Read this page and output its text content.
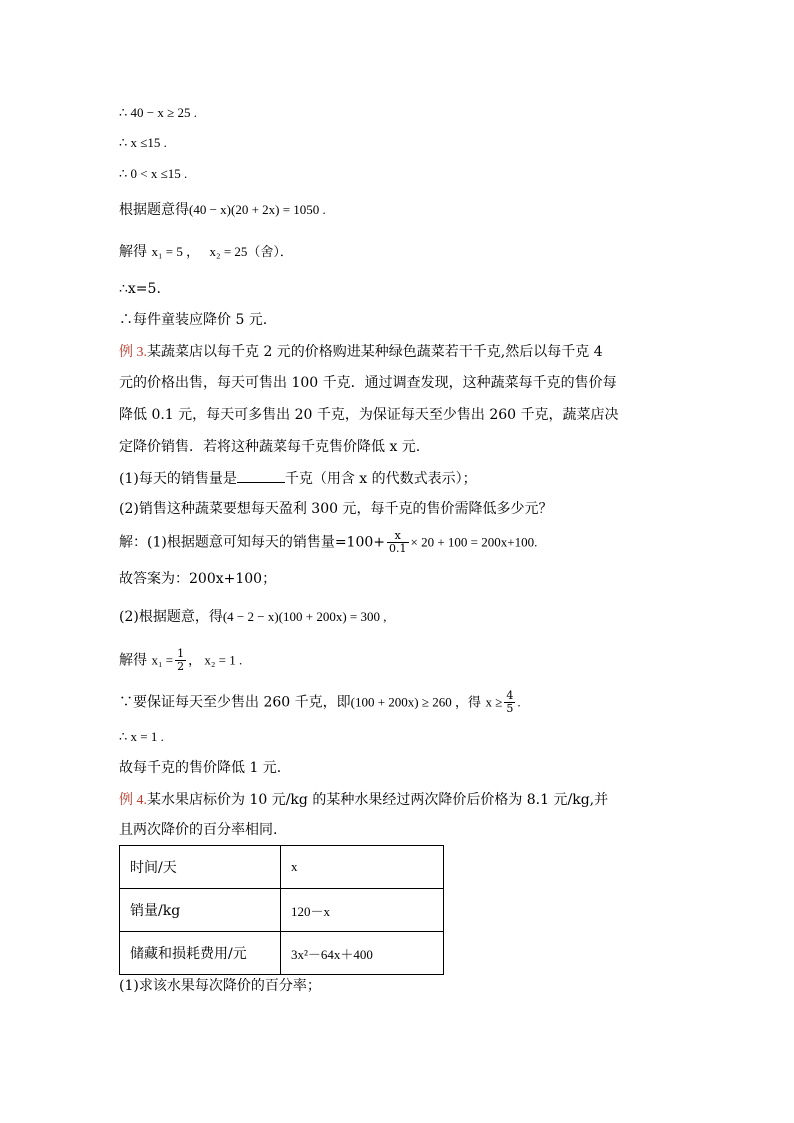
∴ 40 − x ≥ 25 .
∴ x ≤15 .
∴ 0 < x ≤15 .
根据题意得(40 − x)(20 + 2x) = 1050 .
解得 x₁ = 5 ， x₂ = 25（舍）．
∴x=5.
∴每件童装应降价 5 元.
例 3.某蔬菜店以每千克 2 元的价格购进某种绿色蔬菜若干千克,然后以每千克 4
元的价格出售，每天可售出 100 千克．通过调查发现，这种蔬菜每千克的售价每
降低 0.1 元，每天可多售出 20 千克，为保证每天至少售出 260 千克，蔬菜店决
定降价销售．若将这种蔬菜每千克售价降低 x 元.
(1)每天的销售量是	千克（用含 x 的代数式表示）；
(2)销售这种蔬菜要想每天盈利 300 元，每千克的售价需降低多少元？
解：(1)根据题意可知每天的销售量$=100+ \frac{x}{0.1} \times 20 + 100 = 200x+100$.
故答案为：200x+100；
(2)根据题意，得(4 − 2 − x)(100 + 200x) = 300 ,
解得 $x_1 = \frac{1}{2}$ ， x₂ = 1 .
∵要保证每天至少售出 260 千克，即(100 + 200x) ≥ 260 ，得 $x \ge \frac{4}{5}$ .
∴ x = 1 .
故每千克的售价降低 1 元.
例 4.某水果店标价为 10 元/kg 的某种水果经过两次降价后价格为 8.1 元/kg,并
且两次降价的百分率相同.
时间/天	x
销量/kg	120－x
储藏和损耗费用/元	3x²－64x＋400
(1)求该水果每次降价的百分率；
